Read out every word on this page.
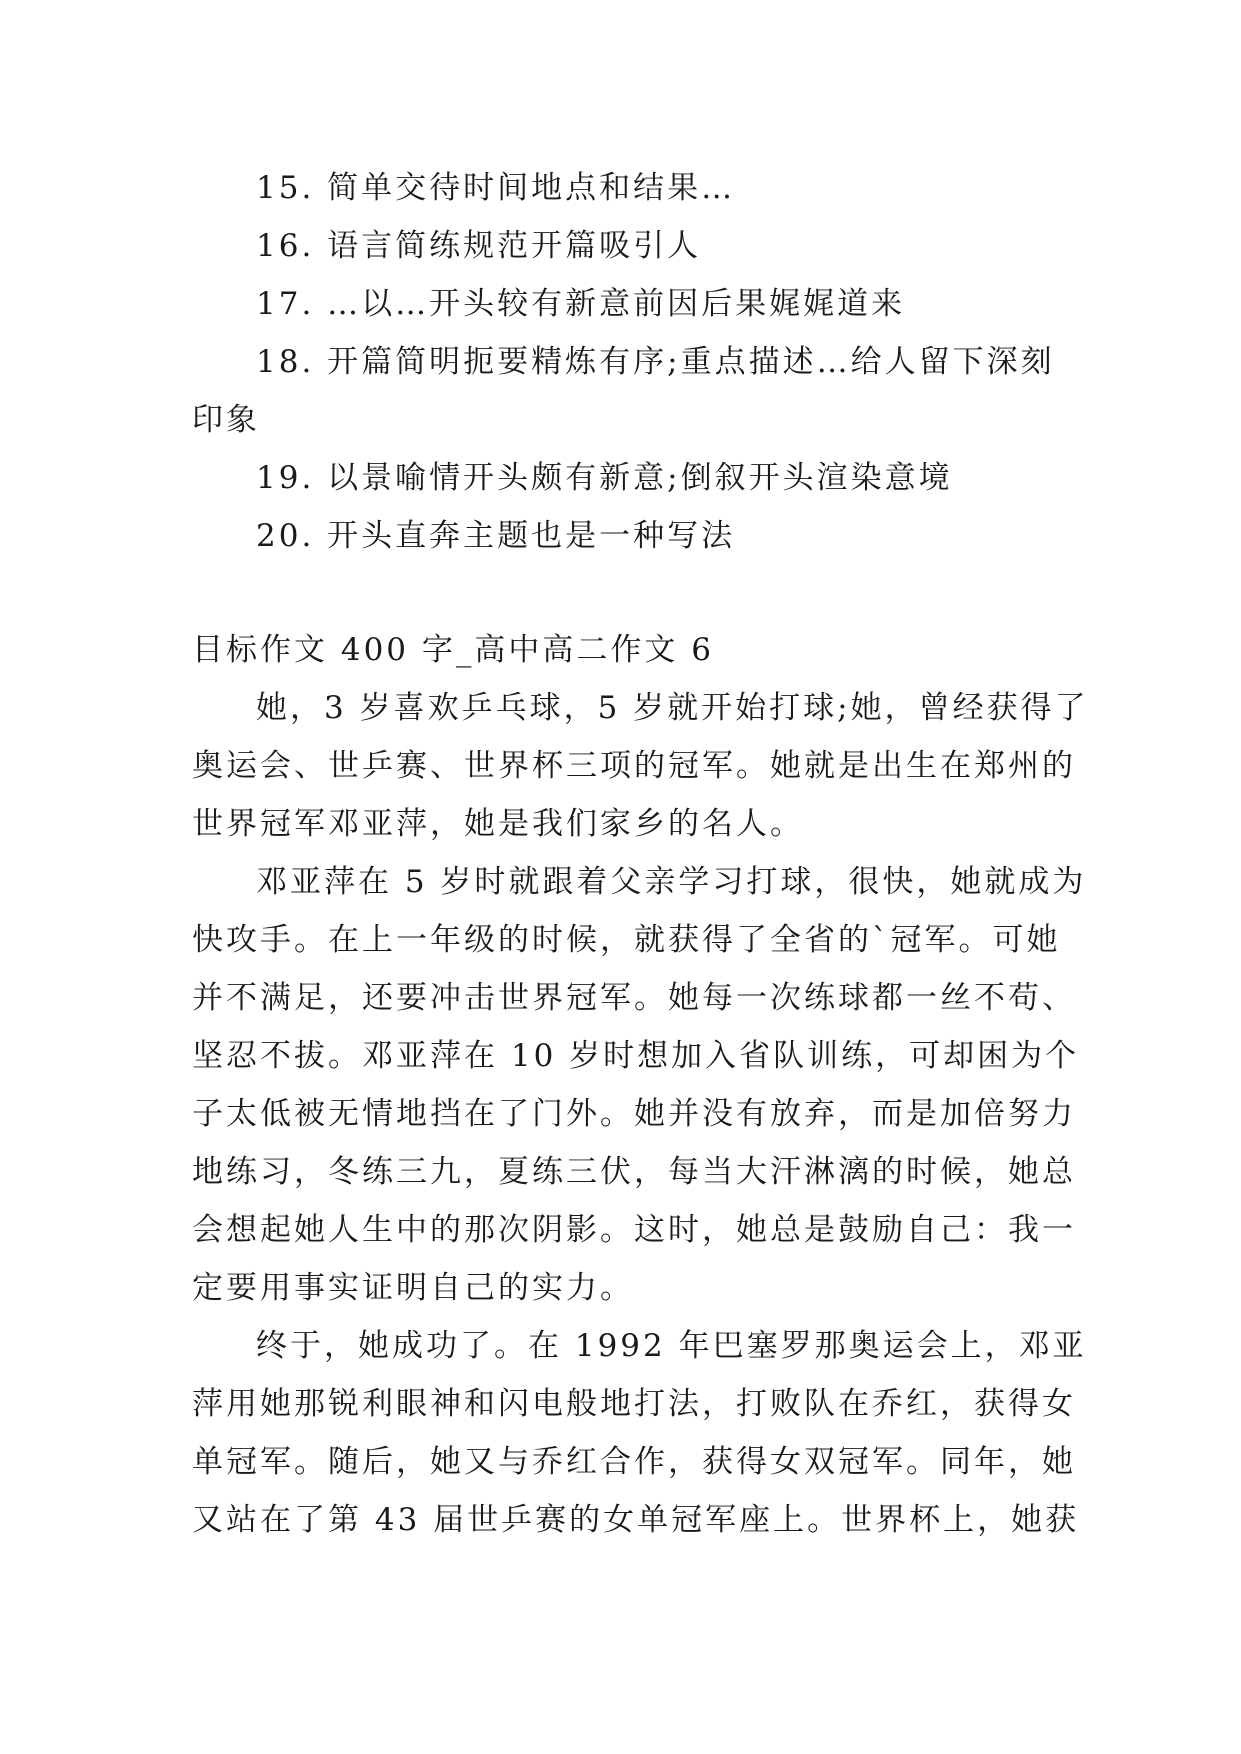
15. 简单交待时间地点和结果…
16. 语言简练规范开篇吸引人
17. …以…开头较有新意前因后果娓娓道来
18. 开篇简明扼要精炼有序;重点描述…给人留下深刻
印象
19. 以景喻情开头颇有新意;倒叙开头渲染意境
20. 开头直奔主题也是一种写法
目标作文 400 字_高中高二作文 6
她，3 岁喜欢乒乓球，5 岁就开始打球;她，曾经获得了
奥运会、世乒赛、世界杯三项的冠军。她就是出生在郑州的
世界冠军邓亚萍，她是我们家乡的名人。
邓亚萍在 5 岁时就跟着父亲学习打球，很快，她就成为
快攻手。在上一年级的时候，就获得了全省的`冠军。可她
并不满足，还要冲击世界冠军。她每一次练球都一丝不苟、
坚忍不拔。邓亚萍在 10 岁时想加入省队训练，可却困为个
子太低被无情地挡在了门外。她并没有放弃，而是加倍努力
地练习，冬练三九，夏练三伏，每当大汗淋漓的时候，她总
会想起她人生中的那次阴影。这时，她总是鼓励自己：我一
定要用事实证明自己的实力。
终于，她成功了。在 1992 年巴塞罗那奥运会上，邓亚
萍用她那锐利眼神和闪电般地打法，打败队在乔红，获得女
单冠军。随后，她又与乔红合作，获得女双冠军。同年，她
又站在了第 43 届世乒赛的女单冠军座上。世界杯上，她获
